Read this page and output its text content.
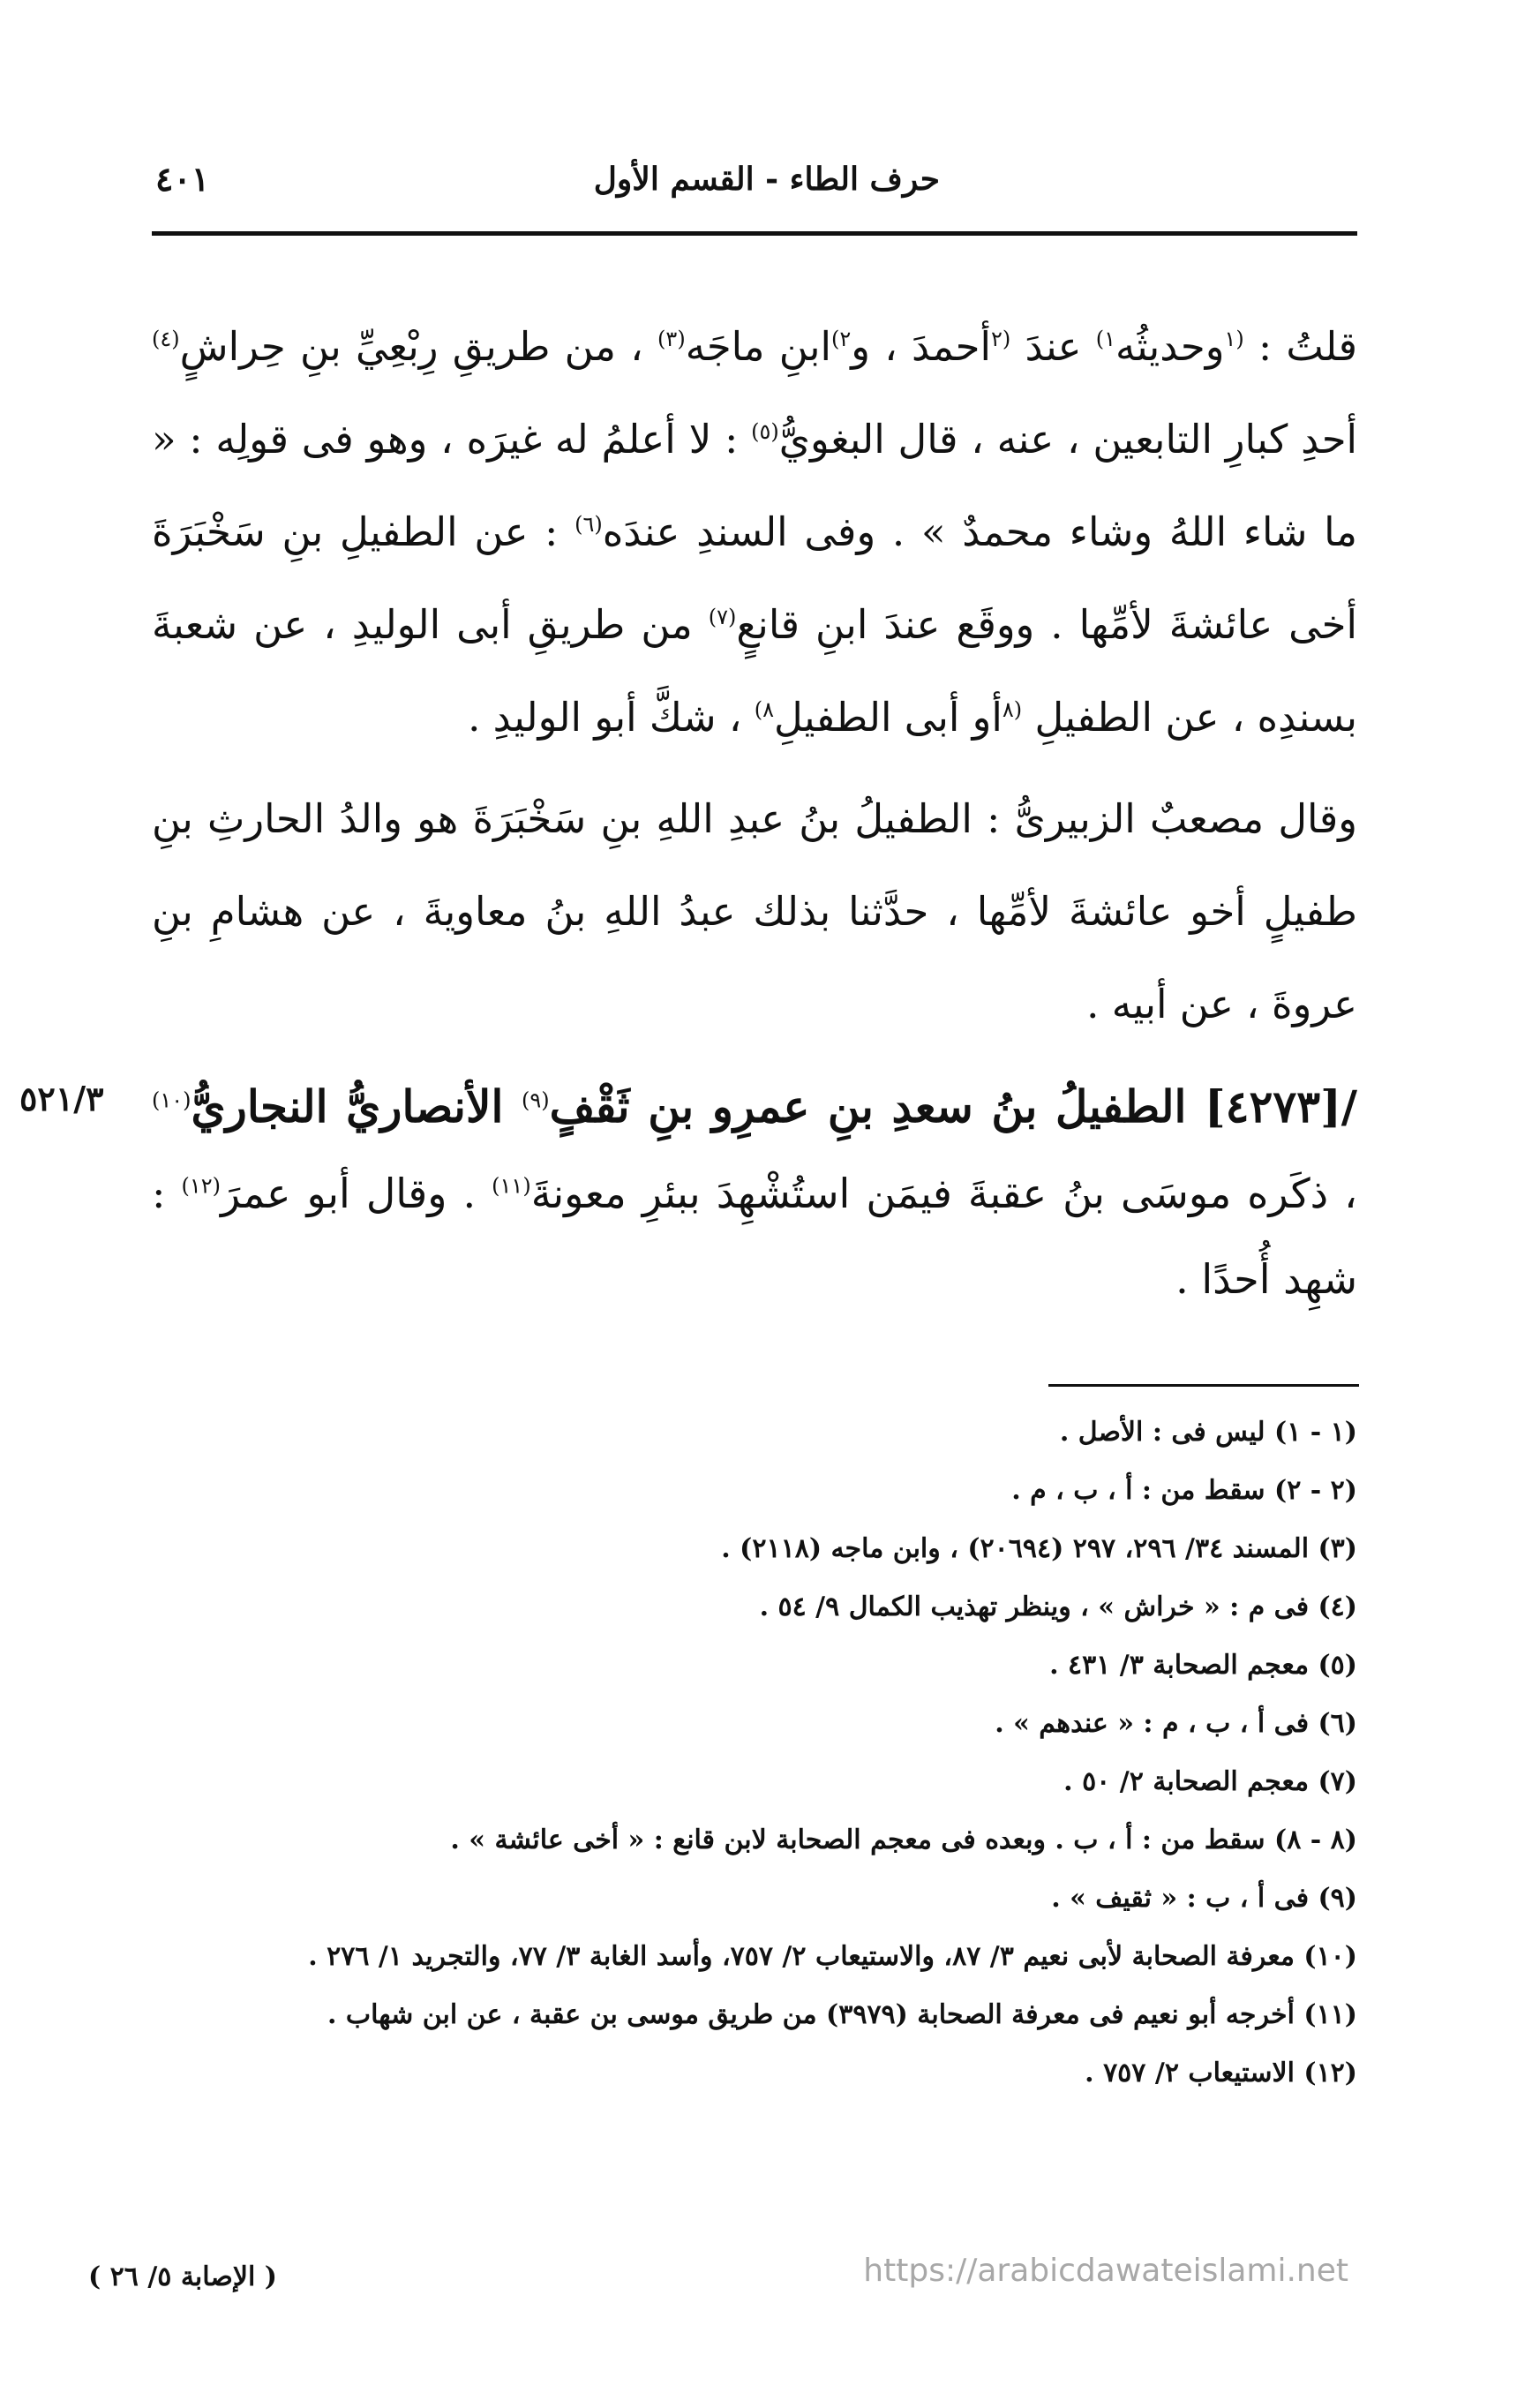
حرف الطاء - القسم الأول
٤٠١

قلتُ : $^{(١}$وحديثُه$^{١)}$ عندَ $^{(٢}$أحمدَ ، و$^{٢)}$ابنِ ماجَه$^{(٣)}$ ، من طريقِ رِبْعِيِّ بنِ حِراشٍ$^{(٤)}$ أحدِ كبارِ التابعين ، عنه ، قال البغويُّ$^{(٥)}$ : لا أعلمُ له غيرَه ، وهو فى قولِه : « ما شاء اللهُ وشاء محمدٌ » . وفى السندِ عندَه$^{(٦)}$ : عن الطفيلِ بنِ سَخْبَرَةَ أخى عائشةَ لأمِّها . ووقَع عندَ ابنِ قانعٍ$^{(٧)}$ من طريقِ أبى الوليدِ ، عن شعبةَ بسندِه ، عن الطفيلِ $^{(٨}$أو أبى الطفيلِ$^{٨)}$ ، شكَّ أبو الوليدِ .

وقال مصعبٌ الزبيرىُّ : الطفيلُ بنُ عبدِ اللهِ بنِ سَخْبَرَةَ هو والدُ الحارثِ بنِ طفيلٍ أخو عائشةَ لأمِّها ، حدَّثنا بذلك عبدُ اللهِ بنُ معاويةَ ، عن هشامِ بنِ عروةَ ، عن أبيه .

/[٤٢٧٣] الطفيلُ بنُ سعدِ بنِ عمرِو بنِ ثَقْفٍ$^{(٩)}$ الأنصاريُّ النجاريُّ$^{(١٠)}$ ، ذكَره موسَى بنُ عقبةَ فيمَن استُشْهِدَ ببئرِ معونةَ$^{(١١)}$ . وقال أبو عمرَ$^{(١٢)}$ : شهِد أُحدًا .
٥٢١/٣

(١ - ١) ليس فى : الأصل .

(٢ - ٢) سقط من : أ ، ب ، م .

(٣) المسند ٣٤/ ٢٩٦، ٢٩٧ (٢٠٦٩٤) ، وابن ماجه (٢١١٨) .

(٤) فى م : « خراش » ، وينظر تهذيب الكمال ٩/ ٥٤ .

(٥) معجم الصحابة ٣/ ٤٣١ .

(٦) فى أ ، ب ، م : « عندهم » .

(٧) معجم الصحابة ٢/ ٥٠ .

(٨ - ٨) سقط من : أ ، ب . وبعده فى معجم الصحابة لابن قانع : « أخى عائشة » .

(٩) فى أ ، ب : « ثقيف » .

(١٠) معرفة الصحابة لأبى نعيم ٣/ ٨٧، والاستيعاب ٢/ ٧٥٧، وأسد الغابة ٣/ ٧٧، والتجريد ١/ ٢٧٦ .

(١١) أخرجه أبو نعيم فى معرفة الصحابة (٣٩٧٩) من طريق موسى بن عقبة ، عن ابن شهاب .

(١٢) الاستيعاب ٢/ ٧٥٧ .

( الإصابة ٥/ ٢٦ )	https://arabicdawateislami.net
